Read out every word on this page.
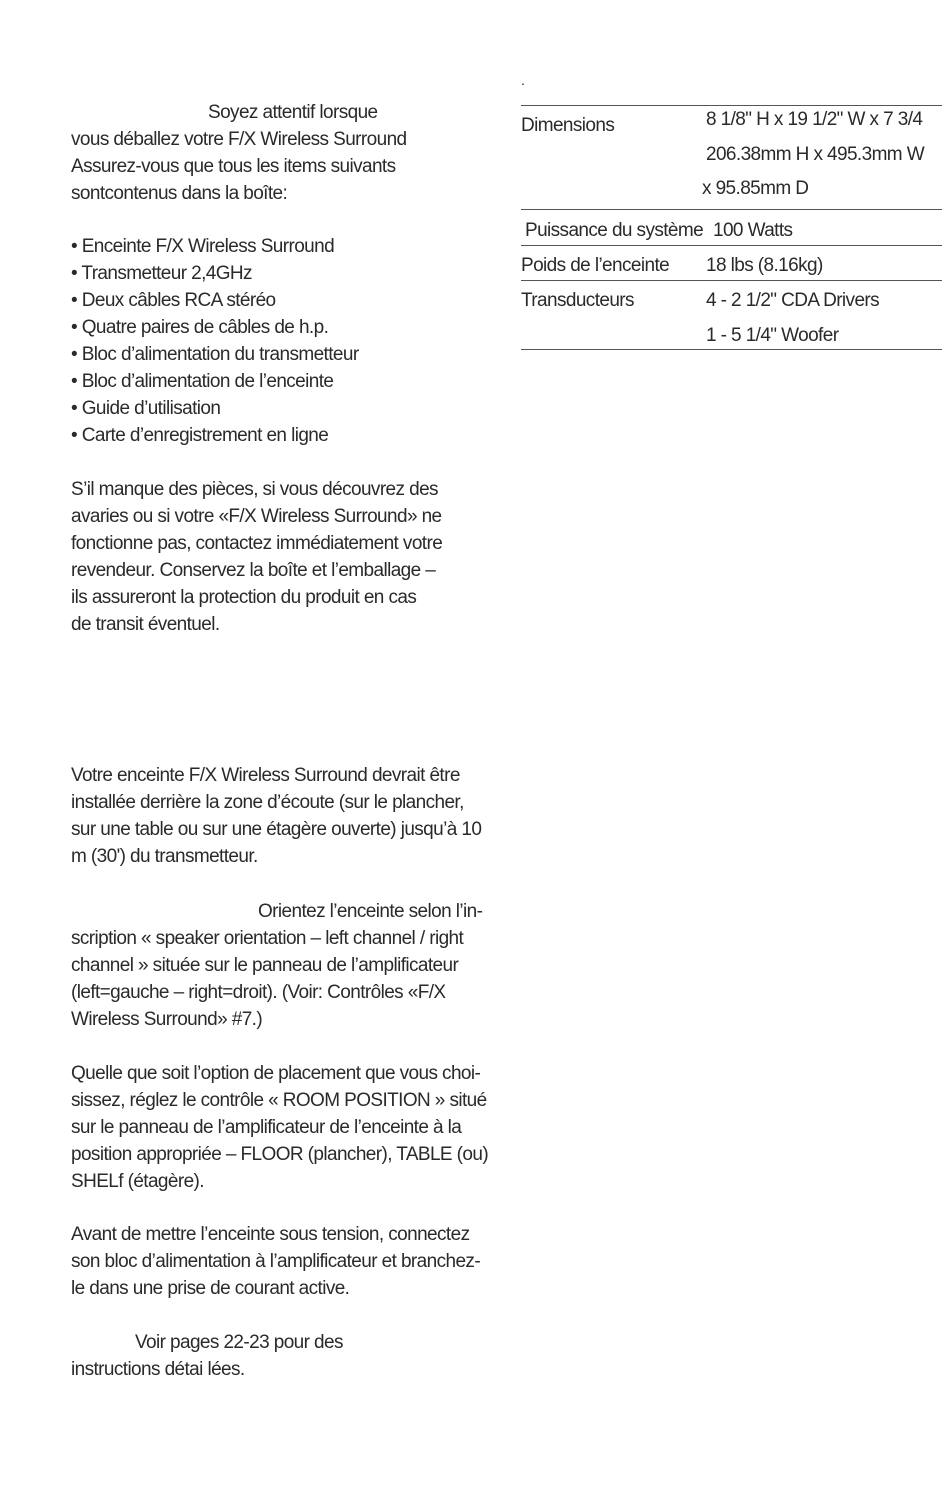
Soyez attentif lorsque
vous déballez votre F/X Wireless Surround
Assurez-vous que tous les items suivants
sontcontenus dans la boîte:

• Enceinte F/X Wireless Surround
• Transmetteur 2,4GHz
• Deux câbles RCA stéréo
• Quatre paires de câbles de h.p.
• Bloc d’alimentation du transmetteur
• Bloc d’alimentation de l’enceinte
• Guide d’utilisation
• Carte d’enregistrement en ligne

S’il manque des pièces, si vous découvrez des
avaries ou si votre «F/X Wireless Surround» ne
fonctionne pas, contactez immédiatement votre
revendeur. Conservez la boîte et l’emballage –
ils assureront la protection du produit en cas
de transit éventuel.

Votre enceinte F/X Wireless Surround devrait être
installée derrière la zone d’écoute (sur le plancher,
sur une table ou sur une étagère ouverte) jusqu’à 10
m (30') du transmetteur.

Orientez l’enceinte selon l’in-
scription « speaker orientation – left channel / right
channel » située sur le panneau de l’amplificateur
(left=gauche – right=droit). (Voir: Contrôles «F/X
Wireless Surround» #7.)

Quelle que soit l’option de placement que vous choi-
sissez, réglez le contrôle « ROOM POSITION » situé
sur le panneau de l’amplificateur de l’enceinte à la
position appropriée – FLOOR (plancher), TABLE (ou)
SHELf (étagère).

Avant de mettre l’enceinte sous tension, connectez
son bloc d’alimentation à l’amplificateur et branchez-
le dans une prise de courant active.

Voir pages 22-23 pour des
instructions détai lées.

.
Dimensions	8 1/8" H x 19 1/2" W x 7 3/4
206.38mm H x 495.3mm W
x 95.85mm D
Puissance du système 100 Watts
Poids de l’enceinte 18 lbs (8.16kg)
Transducteurs	4 - 2 1/2" CDA Drivers
1 - 5 1/4" Woofer
